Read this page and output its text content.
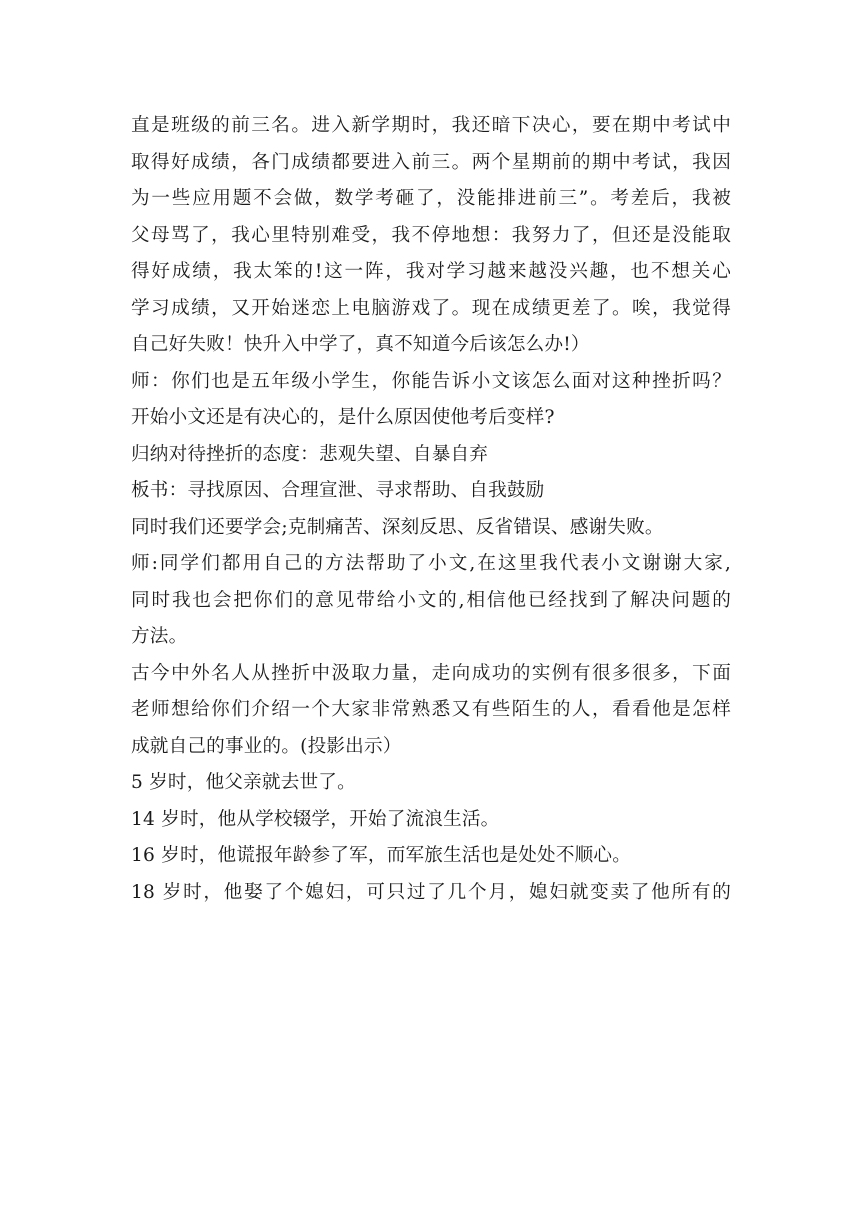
直是班级的前三名。进入新学期时，我还暗下决心，要在期中考试中
取得好成绩，各门成绩都要进入前三。两个星期前的期中考试，我因
为一些应用题不会做，数学考砸了，没能排进前三”。考差后，我被
父母骂了，我心里特别难受，我不停地想：我努力了，但还是没能取
得好成绩，我太笨的!这一阵，我对学习越来越没兴趣，也不想关心
学习成绩，又开始迷恋上电脑游戏了。现在成绩更差了。唉，我觉得
自己好失败！快升入中学了，真不知道今后该怎么办!）
师：你们也是五年级小学生，你能告诉小文该怎么面对这种挫折吗？
开始小文还是有决心的，是什么原因使他考后变样?
归纳对待挫折的态度：悲观失望、自暴自弃
板书：寻找原因、合理宣泄、寻求帮助、自我鼓励
同时我们还要学会;克制痛苦、深刻反思、反省错误、感谢失败。
师:同学们都用自己的方法帮助了小文,在这里我代表小文谢谢大家,
同时我也会把你们的意见带给小文的,相信他已经找到了解决问题的
方法。
古今中外名人从挫折中汲取力量，走向成功的实例有很多很多，下面
老师想给你们介绍一个大家非常熟悉又有些陌生的人，看看他是怎样
成就自己的事业的。(投影出示）
5 岁时，他父亲就去世了。
14 岁时，他从学校辍学，开始了流浪生活。
16 岁时，他谎报年龄参了军，而军旅生活也是处处不顺心。
18 岁时，他娶了个媳妇，可只过了几个月，媳妇就变卖了他所有的
